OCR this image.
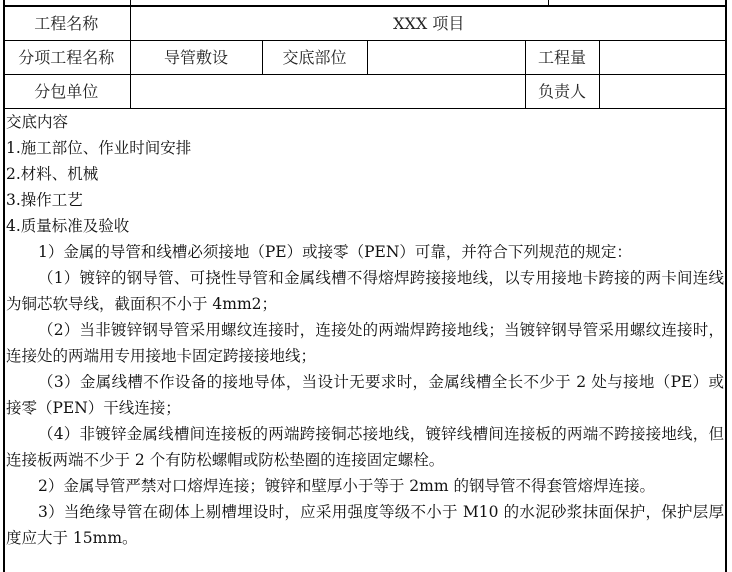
工程名称	XXX 项目				
分项工程名称	导管敷设	交底部位		工程量	
分包单位				负责人	
交底内容
1.施工部位、作业时间安排
2.材料、机械
3.操作工艺
4.质量标准及验收
1）金属的导管和线槽必须接地（PE）或接零（PEN）可靠，并符合下列规范的规定：
（1）镀锌的钢导管、可挠性导管和金属线槽不得熔焊跨接接地线，以专用接地卡跨接的两卡间连线为铜芯软导线，截面积不小于 4mm2；
（2）当非镀锌钢导管采用螺纹连接时，连接处的两端焊跨接地线；当镀锌钢导管采用螺纹连接时，连接处的两端用专用接地卡固定跨接接地线；
（3）金属线槽不作设备的接地导体，当设计无要求时，金属线槽全长不少于 2 处与接地（PE）或接零（PEN）干线连接；
（4）非镀锌金属线槽间连接板的两端跨接铜芯接地线，镀锌线槽间连接板的两端不跨接接地线，但连接板两端不少于 2 个有防松螺帽或防松垫圈的连接固定螺栓。
2）金属导管严禁对口熔焊连接；镀锌和壁厚小于等于 2mm 的钢导管不得套管熔焊连接。
3）当绝缘导管在砌体上剔槽埋设时，应采用强度等级不小于 M10 的水泥砂浆抹面保护，保护层厚度应大于 15mm。
